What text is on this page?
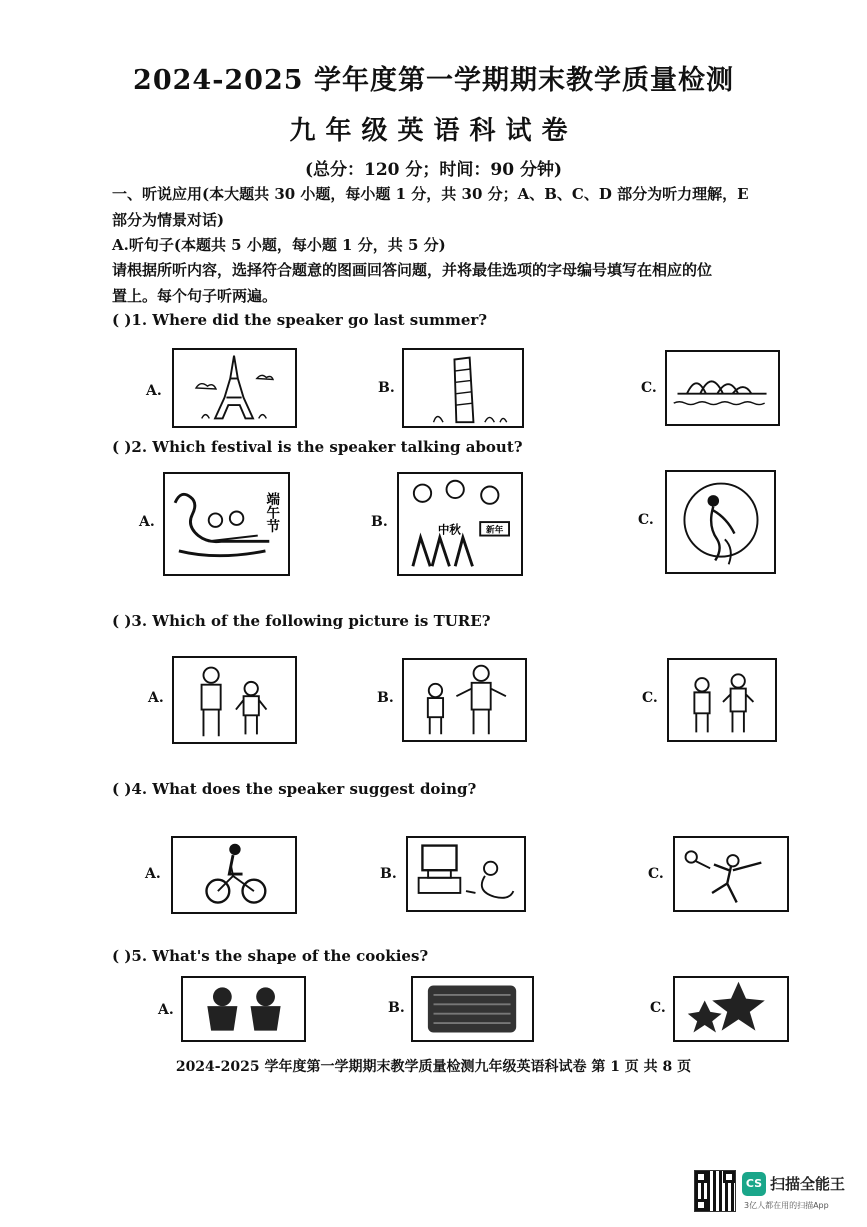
2024-2025 学年度第一学期期末教学质量检测
九年级英语科试卷
(总分：120 分；时间：90 分钟)
一、听说应用(本大题共 30 小题，每小题 1 分，共 30 分；A、B、C、D 部分为听力理解，E
部分为情景对话)
A.听句子(本题共 5 小题，每小题 1 分，共 5 分)
请根据所听内容，选择符合题意的图画回答问题，并将最佳选项的字母编号填写在相应的位
置上。每个句子听两遍。
( )1. Where did the speaker go last summer?
A.	B.	C.
( )2. Which festival is the speaker talking about?
A.	端午节	B.
新年
中秋
C.
( )3. Which of the following picture is TURE?
A.	B.	C.
( )4. What does the speaker suggest doing?
A.	B.	C.
( )5. What's the shape of the cookies?
A.	B.	C.
2024-2025 学年度第一学期期末教学质量检测九年级英语科试卷 第 1 页 共 8 页
CS 扫描全能王
3亿人都在用的扫描App
